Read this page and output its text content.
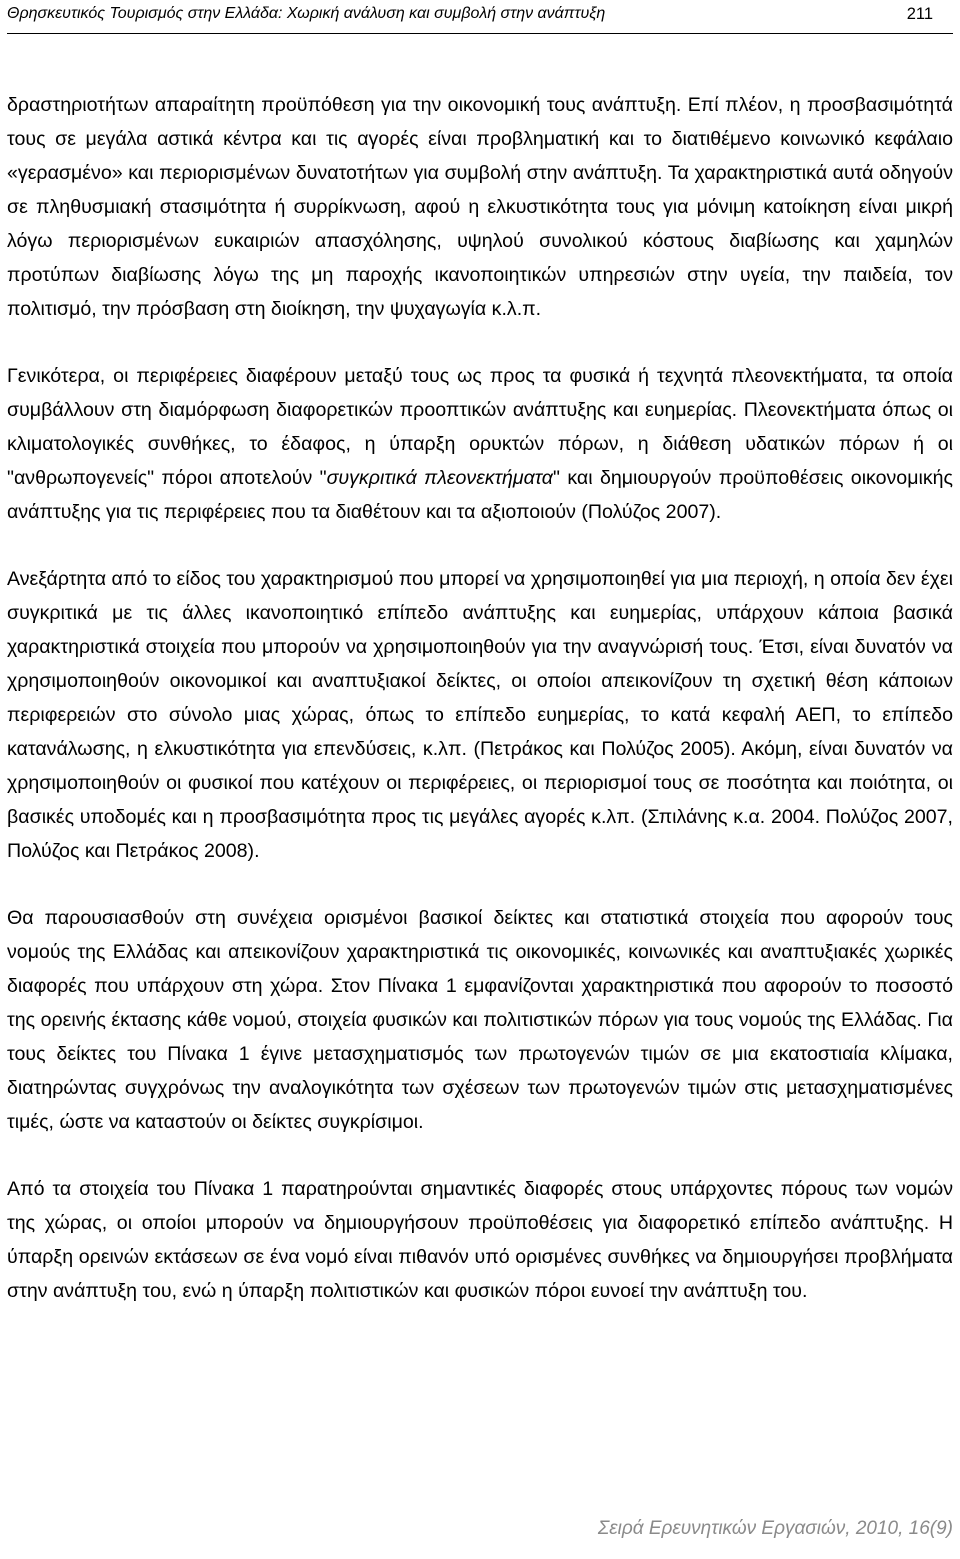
Θρησκευτικός Τουρισμός στην Ελλάδα: Χωρική ανάλυση και συμβολή στην ανάπτυξη	211

δραστηριοτήτων απαραίτητη προϋπόθεση για την οικονομική τους ανάπτυξη. Επί πλέον, η προσβασιμότητά τους σε μεγάλα αστικά κέντρα και τις αγορές είναι προβληματική και το διατιθέμενο κοινωνικό κεφάλαιο «γερασμένο» και περιορισμένων δυνατοτήτων για συμβολή στην ανάπτυξη. Τα χαρακτηριστικά αυτά οδηγούν σε πληθυσμιακή στασιμότητα ή συρρίκνωση, αφού η ελκυστικότητα τους για μόνιμη κατοίκηση είναι μικρή λόγω περιορισμένων ευκαιριών απασχόλησης, υψηλού συνολικού κόστους διαβίωσης και χαμηλών προτύπων διαβίωσης λόγω της μη παροχής ικανοποιητικών υπηρεσιών στην υγεία, την παιδεία, τον πολιτισμό, την πρόσβαση στη διοίκηση, την ψυχαγωγία κ.λ.π.

Γενικότερα, οι περιφέρειες διαφέρουν μεταξύ τους ως προς τα φυσικά ή τεχνητά πλεονεκτήματα, τα οποία συμβάλλουν στη διαμόρφωση διαφορετικών προοπτικών ανάπτυξης και ευημερίας. Πλεονεκτήματα όπως οι κλιματολογικές συνθήκες, το έδαφος, η ύπαρξη ορυκτών πόρων, η διάθεση υδατικών πόρων ή οι "ανθρωπογενείς" πόροι αποτελούν "συγκριτικά πλεονεκτήματα" και δημιουργούν προϋποθέσεις οικονομικής ανάπτυξης για τις περιφέρειες που τα διαθέτουν και τα αξιοποιούν (Πολύζος 2007).

Ανεξάρτητα από το είδος του χαρακτηρισμού που μπορεί να χρησιμοποιηθεί για μια περιοχή, η οποία δεν έχει συγκριτικά με τις άλλες ικανοποιητικό επίπεδο ανάπτυξης και ευημερίας, υπάρχουν κάποια βασικά χαρακτηριστικά στοιχεία που μπορούν να χρησιμοποιηθούν για την αναγνώρισή τους. Έτσι, είναι δυνατόν να χρησιμοποιηθούν οικονομικοί και αναπτυξιακοί δείκτες, οι οποίοι απεικονίζουν τη σχετική θέση κάποιων περιφερειών στο σύνολο μιας χώρας, όπως το επίπεδο ευημερίας, το κατά κεφαλή ΑΕΠ, το επίπεδο κατανάλωσης, η ελκυστικότητα για επενδύσεις, κ.λπ. (Πετράκος και Πολύζος 2005). Ακόμη, είναι δυνατόν να χρησιμοποιηθούν οι φυσικοί που κατέχουν οι περιφέρειες, οι περιορισμοί τους σε ποσότητα και ποιότητα, οι βασικές υποδομές και η προσβασιμότητα προς τις μεγάλες αγορές κ.λπ. (Σπιλάνης κ.α. 2004. Πολύζος 2007, Πολύζος και Πετράκος 2008).

Θα παρουσιασθούν στη συνέχεια ορισμένοι βασικοί δείκτες και στατιστικά στοιχεία που αφορούν τους νομούς της Ελλάδας και απεικονίζουν χαρακτηριστικά τις οικονομικές, κοινωνικές και αναπτυξιακές χωρικές διαφορές που υπάρχουν στη χώρα. Στον Πίνακα 1 εμφανίζονται χαρακτηριστικά που αφορούν το ποσοστό της ορεινής έκτασης κάθε νομού, στοιχεία φυσικών και πολιτιστικών πόρων για τους νομούς της Ελλάδας. Για τους δείκτες του Πίνακα 1 έγινε μετασχηματισμός των πρωτογενών τιμών σε μια εκατοστιαία κλίμακα, διατηρώντας συγχρόνως την αναλογικότητα των σχέσεων των πρωτογενών τιμών στις μετασχηματισμένες τιμές, ώστε να καταστούν οι δείκτες συγκρίσιμοι.

Από τα στοιχεία του Πίνακα 1 παρατηρούνται σημαντικές διαφορές στους υπάρχοντες πόρους των νομών της χώρας, οι οποίοι μπορούν να δημιουργήσουν προϋποθέσεις για διαφορετικό επίπεδο ανάπτυξης. Η ύπαρξη ορεινών εκτάσεων σε ένα νομό είναι πιθανόν υπό ορισμένες συνθήκες να δημιουργήσει προβλήματα στην ανάπτυξη του, ενώ η ύπαρξη πολιτιστικών και φυσικών πόροι ευνοεί την ανάπτυξη του.

Σειρά Ερευνητικών Εργασιών, 2010, 16(9)
